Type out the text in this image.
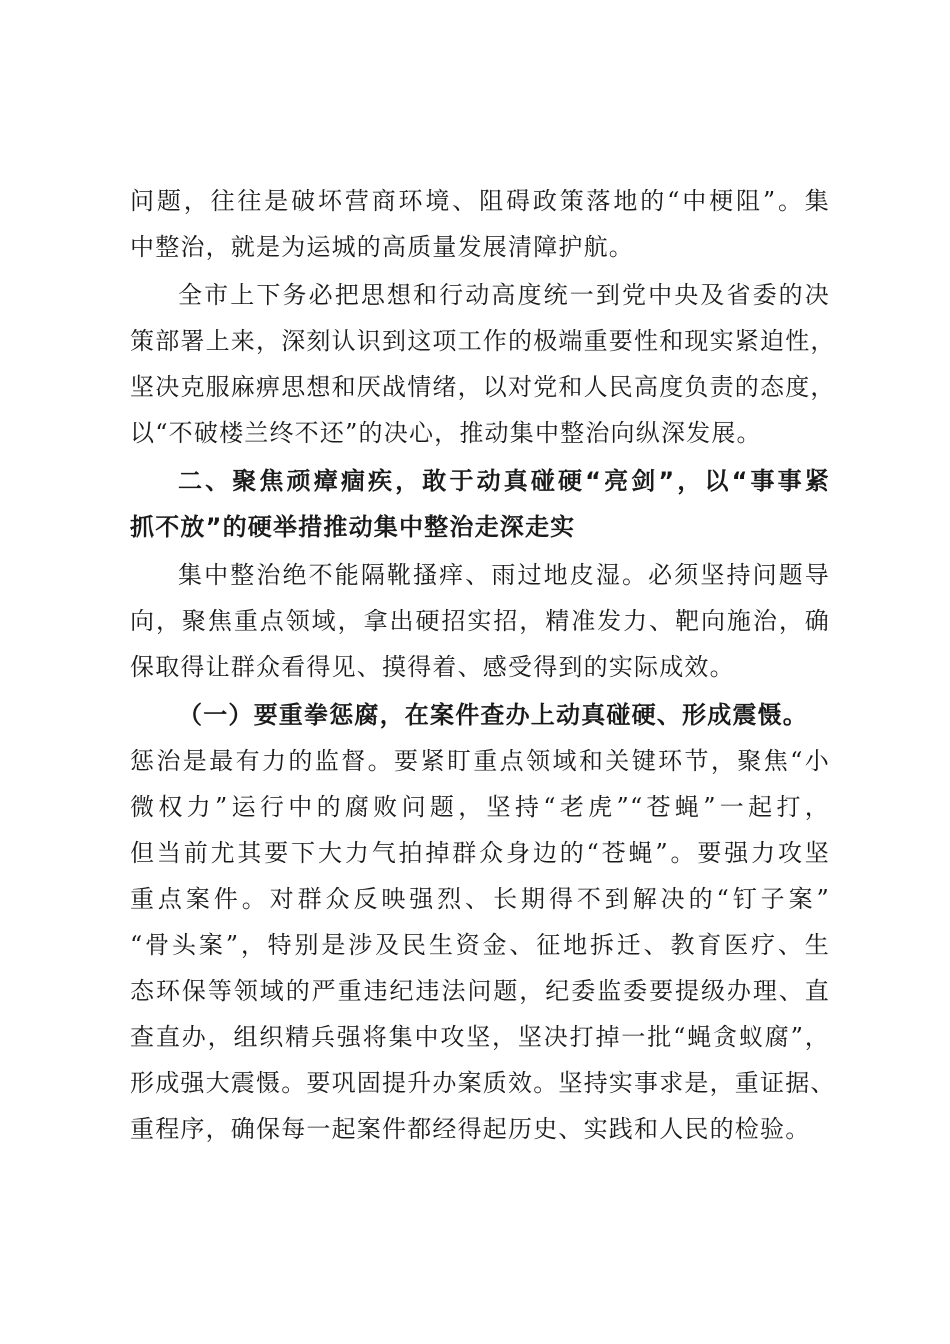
问题，往往是破坏营商环境、阻碍政策落地的“中梗阻”。集
中整治，就是为运城的高质量发展清障护航。
全市上下务必把思想和行动高度统一到党中央及省委的决
策部署上来，深刻认识到这项工作的极端重要性和现实紧迫性，
坚决克服麻痹思想和厌战情绪，以对党和人民高度负责的态度，
以“不破楼兰终不还”的决心，推动集中整治向纵深发展。
二、聚焦顽瘴痼疾，敢于动真碰硬“亮剑”，以“事事紧
抓不放”的硬举措推动集中整治走深走实
集中整治绝不能隔靴搔痒、雨过地皮湿。必须坚持问题导
向，聚焦重点领域，拿出硬招实招，精准发力、靶向施治，确
保取得让群众看得见、摸得着、感受得到的实际成效。
（一）要重拳惩腐，在案件查办上动真碰硬、形成震慑。
惩治是最有力的监督。要紧盯重点领域和关键环节，聚焦“小
微权力”运行中的腐败问题，坚持“老虎”“苍蝇”一起打，
但当前尤其要下大力气拍掉群众身边的“苍蝇”。要强力攻坚
重点案件。对群众反映强烈、长期得不到解决的“钉子案”
“骨头案”，特别是涉及民生资金、征地拆迁、教育医疗、生
态环保等领域的严重违纪违法问题，纪委监委要提级办理、直
查直办，组织精兵强将集中攻坚，坚决打掉一批“蝇贪蚁腐”，
形成强大震慑。要巩固提升办案质效。坚持实事求是，重证据、
重程序，确保每一起案件都经得起历史、实践和人民的检验。
